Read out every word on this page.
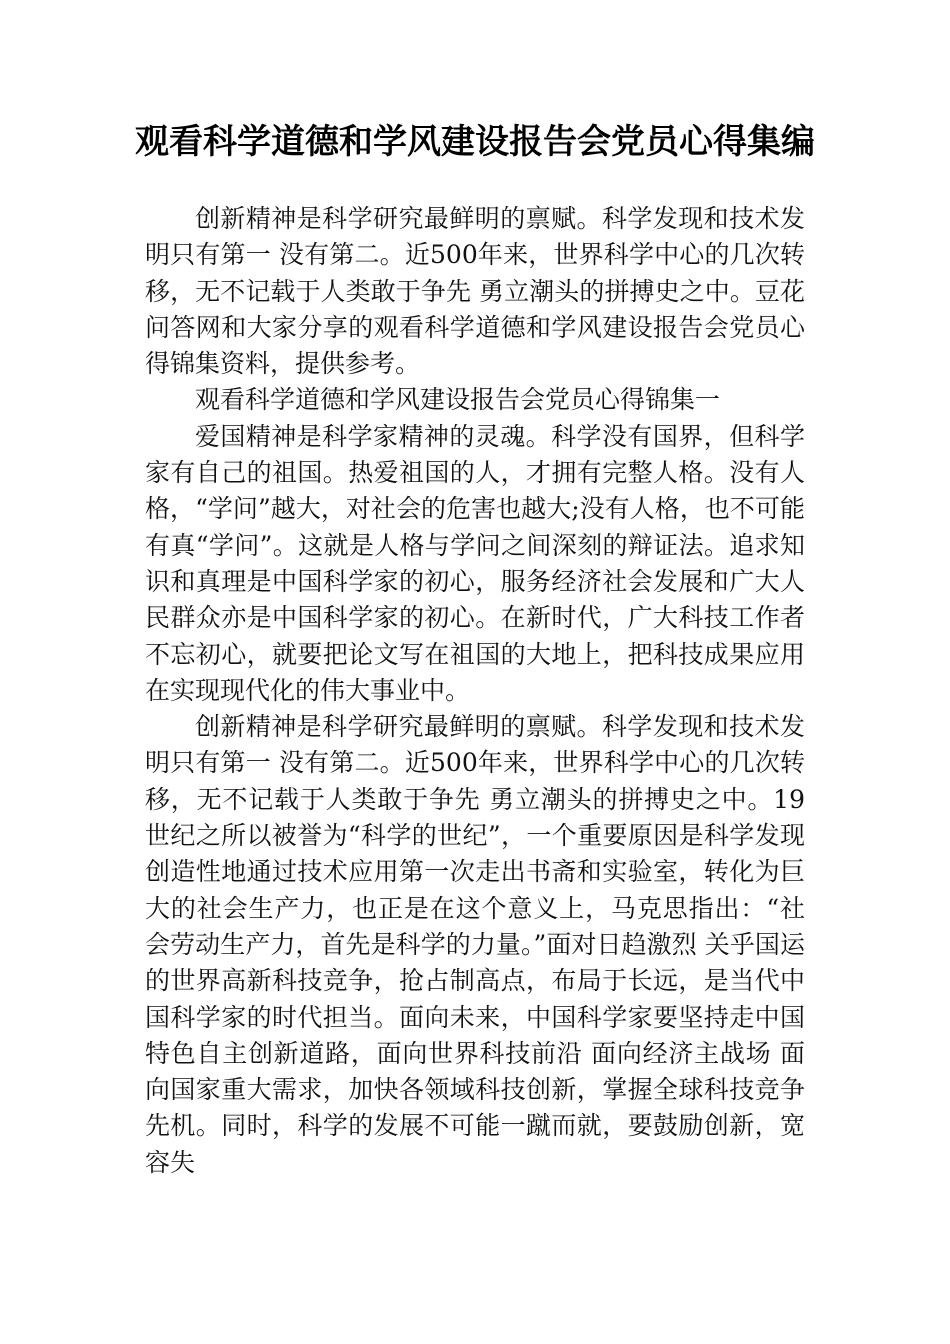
观看科学道德和学风建设报告会党员心得集编

创新精神是科学研究最鲜明的禀赋。科学发现和技术发明只有第一 没有第二。近500年来，世界科学中心的几次转移，无不记载于人类敢于争先 勇立潮头的拼搏史之中。豆花问答网和大家分享的观看科学道德和学风建设报告会党员心得锦集资料，提供参考。

观看科学道德和学风建设报告会党员心得锦集一

爱国精神是科学家精神的灵魂。科学没有国界，但科学家有自己的祖国。热爱祖国的人，才拥有完整人格。没有人格，“学问”越大，对社会的危害也越大;没有人格，也不可能有真“学问”。这就是人格与学问之间深刻的辩证法。追求知识和真理是中国科学家的初心，服务经济社会发展和广大人民群众亦是中国科学家的初心。在新时代，广大科技工作者不忘初心，就要把论文写在祖国的大地上，把科技成果应用在实现现代化的伟大事业中。

创新精神是科学研究最鲜明的禀赋。科学发现和技术发明只有第一 没有第二。近500年来，世界科学中心的几次转移，无不记载于人类敢于争先 勇立潮头的拼搏史之中。19世纪之所以被誉为“科学的世纪”，一个重要原因是科学发现创造性地通过技术应用第一次走出书斋和实验室，转化为巨大的社会生产力，也正是在这个意义上，马克思指出：“社会劳动生产力，首先是科学的力量。”面对日趋激烈 关乎国运的世界高新科技竞争，抢占制高点，布局于长远，是当代中国科学家的时代担当。面向未来，中国科学家要坚持走中国特色自主创新道路，面向世界科技前沿 面向经济主战场 面向国家重大需求，加快各领域科技创新，掌握全球科技竞争先机。同时，科学的发展不可能一蹴而就，要鼓励创新，宽容失
